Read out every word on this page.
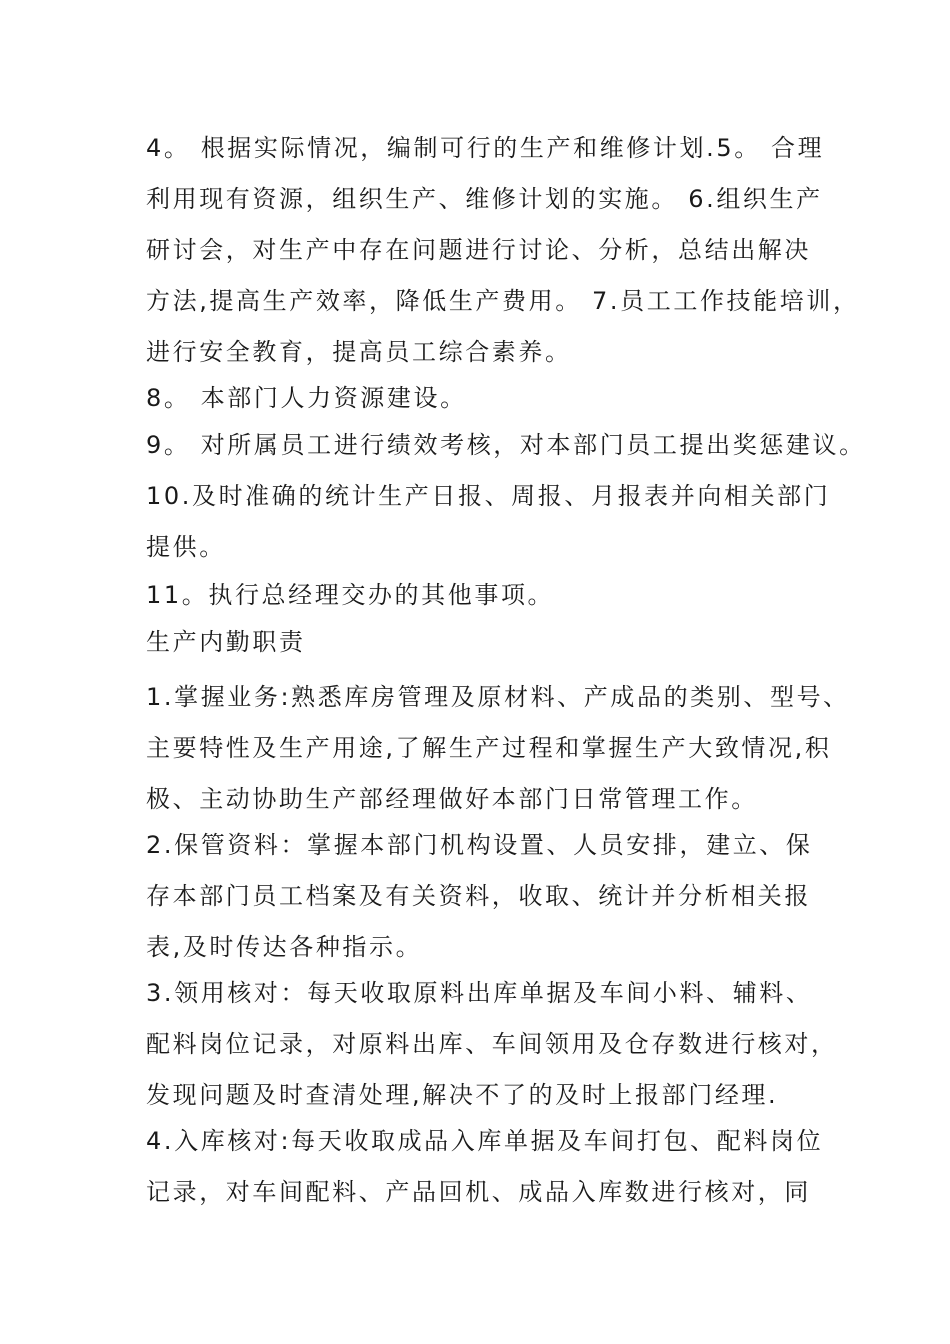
4。 根据实际情况，编制可行的生产和维修计划.5。 合理
利用现有资源，组织生产、维修计划的实施。 6.组织生产
研讨会，对生产中存在问题进行讨论、分析，总结出解决
方法,提高生产效率，降低生产费用。 7.员工工作技能培训，
进行安全教育，提高员工综合素养。
8。 本部门人力资源建设。
9。 对所属员工进行绩效考核，对本部门员工提出奖惩建议。
10.及时准确的统计生产日报、周报、月报表并向相关部门
提供。
11。执行总经理交办的其他事项。
生产内勤职责
1.掌握业务:熟悉库房管理及原材料、产成品的类别、型号、
主要特性及生产用途,了解生产过程和掌握生产大致情况,积
极、主动协助生产部经理做好本部门日常管理工作。
2.保管资料：掌握本部门机构设置、人员安排，建立、保
存本部门员工档案及有关资料，收取、统计并分析相关报
表,及时传达各种指示。
3.领用核对：每天收取原料出库单据及车间小料、辅料、
配料岗位记录，对原料出库、车间领用及仓存数进行核对，
发现问题及时查清处理,解决不了的及时上报部门经理.
4.入库核对:每天收取成品入库单据及车间打包、配料岗位
记录，对车间配料、产品回机、成品入库数进行核对，同
